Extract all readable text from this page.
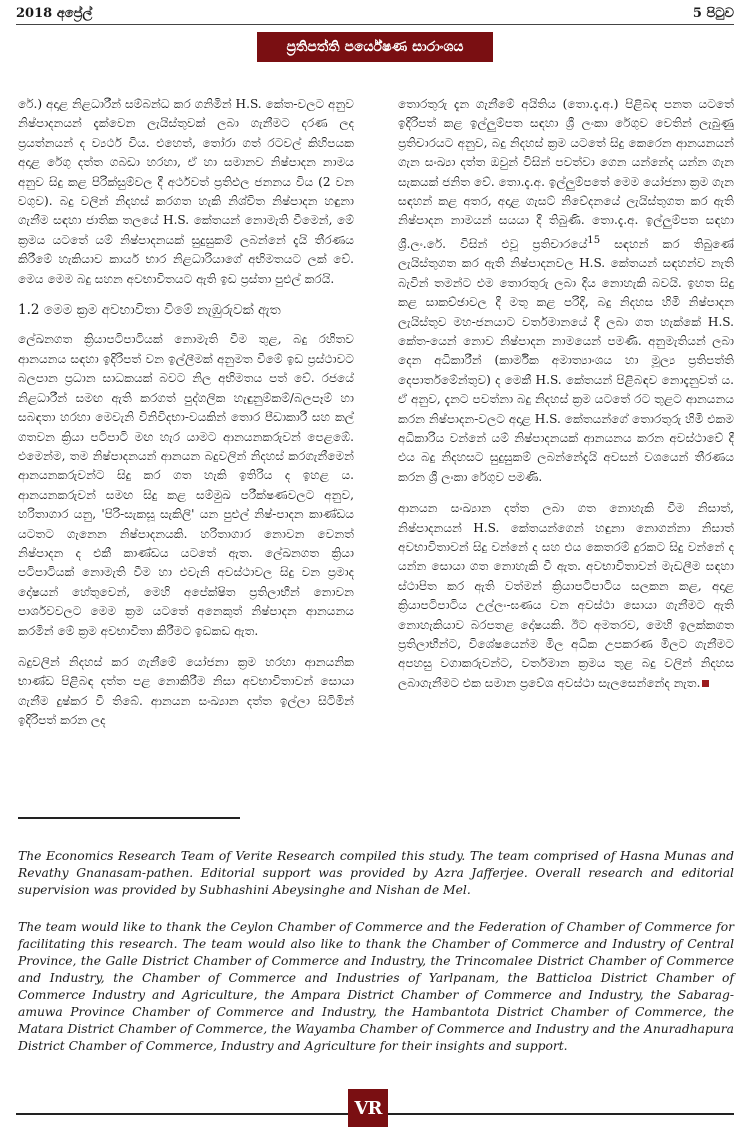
2018 අප්‍රේල්	5 පිටුව
ප්‍රතිපත්ති පර්යේෂණ සාරාංශය

රේ.) අදාළ නිළධාරීන් සම්බන්ධ කර ගනිමින් H.S. කේත-වලට අනුව නිෂ්පාදනයන් දැක්වෙන ලැයිස්තුවක් ලබා ගැනීමට දරණ ලද ප්‍රයත්නයන් ද ව්‍යර්ථ විය. එහෙත්, තෝරා ගත් රටවල් කිහිපයක අදාළ රේගු දත්ත ගබඩා හරහා, ඒ හා සමානව නිෂ්පාදන නාමය අනුව සිදු කළ පිරික්සුම්වල දී අර්ථවත් ප්‍රතිඵල ජනනය විය (2 වන වගුව). බදු වලින් නිදහස් කරගත හැකි නිශ්චිත නිෂ්පාදන හඳුනා ගැනීම සඳහා ජාතික තලයේ H.S. කේතයන් නොමැති වීමෙන්, මේ ක්‍රමය යටතේ යම් නිෂ්පාදනයක් සුදුසුකම් ලබන්නේ දැයි තීරණය කිරීමේ හැකියාව කාර්ය භාර නිළධාරියාගේ අභිමතයට ලක් වේ. මෙය මෙම බදු සහන අවභාවිතයට ඇති ඉඩ ප්‍රස්තා පුළුල් කරයි.

1.2 මෙම ක්‍රම අවභාවිතා වීමේ නැඹුරුවක් ඇත

ලේඛනගත ක්‍රියාපටිපාටියක් නොමැති වීම තුළ, බදු රහිතව ආනයනය සඳහා ඉදිරිපත් වන ඉල්ලීමක් අනුමත වීමේ ඉඩ ප්‍රස්ථාවට බලපාන ප්‍රධාන සාධකයක් බවට නිල අභිමතය පත් වේ. රජයේ නිළධාරීන් සමඟ ඇති කරගත් පුද්ගලික හැඳුනුම්කම්/බලපෑම් හා සබඳතා හරහා මෙවැනි විනිවිදභා-වයකින් තොර පීඩාකාරී සහ කල් ගතවන ක්‍රියා පටිපාටි මඟ හැර යාමට ආනයනකරුවන් පෙළඹේ. එමෙන්ම, තම නිෂ්පාදනයන් ආනයන බදුවලින් නිදහස් කරගැනීමෙන් ආනයනකරුවන්ට සිදු කර ගත හැකි ඉතිරිය ද ඉහළ ය. ආනයනකරුවන් සමඟ සිදු කළ සම්මුඛ පරීක්ෂණවලට අනුව, හරිතාගාර යනු, 'පිරි-සැකසූ සැකිලි' යන පුළුල් නිෂ්-පාදන කාණ්ඩය යටතට ගැනෙන නිෂ්පාදනයකි. හරිතාගාර නොවන වෙනත් නිෂ්පාදන ද එකී කාණ්ඩය යටතේ ඇත. ලේඛනගත ක්‍රියා පටිපාටියක් නොමැති වීම හා එවැනි අවස්ථාවල සිදු වන ප්‍රමාද දෝෂයන් හේතුවෙන්, මෙහි අපේක්ෂිත ප්‍රතිලාභීන් නොවන පාර්ශවවලට මෙම ක්‍රම යටතේ අනෙකුත් නිෂ්පාදන ආනයනය කරමින් මේ ක්‍රම අවභාවිතා කිරීමට ඉඩකඩ ඇත.

බදුවලින් නිදහස් කර ගැනීමේ යෝජනා ක්‍රම හරහා ආනයනික භාණ්ඩ පිළිබඳ දත්ත පළ නොකිරීම නිසා අවභාවිතාවන් සොයා ගැනීම දුෂ්කර වී තිබේ. ආනයන සංඛ්‍යාන දත්ත ඉල්ලා සිටිමින් ඉදිරිපත් කරන ලද

තොරතුරු දැන ගැනීමේ අයිතිය (තො.දැ.අ.) පිළිබඳ පනත යටතේ ඉදිරිපත් කළ ඉල්ලුම්පත සඳහා ශ්‍රී ලංකා රේගුව වෙතින් ලැබුණු ප්‍රතිචාරයට අනුව, බදු නිදහස් ක්‍රම යටතේ සිදු කෙරෙන ආනයනයන් ගැන සංඛ්‍යා දත්ත ඔවුන් විසින් පවත්වා ගෙන යන්නේද යන්න ගැන සැකයක් ජනිත වේ. තො.දැ.අ. ඉල්ලුම්පතේ මෙම යෝජනා ක්‍රම ගැන සඳහන් කළ අතර, අදාළ ගැසට් නිවේදනයේ ලැයිස්තුගත කර ඇති නිෂ්පාදන නාමයන් සයයා දී තිබුණි. තො.දැ.අ. ඉල්ලුම්පත සඳහා ශ්‍රී.ලං.රේ. විසින් එවූ ප්‍රතිචාරයේ$^{15}$ සඳහන් කර තිබුණේ ලැයිස්තුගත කර ඇති නිෂ්පාදනවල H.S. කේතයන් සඳහන්ව නැති බැවින් තමන්ට එම තොරතුරු ලබා දිය නොහැකි බවයි. ඉහත සිදු කළ සාකච්ඡාවල දී මතු කළ පරිදි, බදු නිදහස හිමි නිෂ්පාදන ලැයිස්තුව මහ-ජනයාට වර්තමානයේ දී ලබා ගත හැක්කේ H.S. කේත-යෙන් නොව නිෂ්පාදන නාමයෙන් පමණි. අනුමැතියන් ලබා දෙන අධිකාරීන් (කාර්මික අමාත්‍යාංශය හා මූල්‍ය ප්‍රතිපත්ති දෙපාර්තමේන්තුව) ද මෙකී H.S. කේතයන් පිළිබඳව නොදැනුවත් ය. ඒ අනුව, දැනට පවත්නා බදු නිදහස් ක්‍රම යටතේ රට තුළට ආනයනය කරන නිෂ්පාදන-වලට අදාළ H.S. කේතයන්ගේ තොරතුරු හිමි එකම අධිකාරිය වන්නේ යම් නිෂ්පාදනයක් ආනයනය කරන අවස්ථාවේ දී එය බදු නිදහසට සුදුසුකම් ලබන්නේදැයි අවසන් වශයෙන් තීරණය කරන ශ්‍රී ලංකා රේගුව පමණි.

ආනයන සංඛ්‍යාන දත්ත ලබා ගත නොහැකි වීම නිසාත්, නිෂ්පාදනයන් H.S. කේතයන්ගෙන් හඳුනා නොගන්නා නිසාත් අවභාවිතාවන් සිදු වන්නේ ද සහ එය කෙතරම් දුරකට සිදු වන්නේ ද යන්න සොයා ගත නොහැකි වී ඇත. අවභාවිතාවන් මැඩලීම සඳහා ස්ථාපිත කර ඇති වත්මන් ක්‍රියාපටිපාටිය සලකන කළ, අදාළ ක්‍රියාපටිපාටිය උල්ලං-ඝණය වන අවස්ථා සොයා ගැනීමට ඇති නොහැකියාව බරපතළ දෝෂයකි. ඊට අමතරව, මෙහි ඉලක්කගත ප්‍රතිලාභීන්ට, විශේෂයෙන්ම මිල අධික උපකරණ මිලට ගැනීමට අපහසු වගාකරුවන්ට, වර්තමාන ක්‍රමය තුළ බදු වලින් නිදහස ලබාගැනීමට එක සමාන ප්‍රවේශ අවස්ථා සැලසෙන්නේද නැත.

The Economics Research Team of Verite Research compiled this study. The team comprised of Hasna Munas and Revathy Gnanasam-pathen. Editorial support was provided by Azra Jafferjee. Overall research and editorial supervision was provided by Subhashini Abeysinghe and Nishan de Mel.
The team would like to thank the Ceylon Chamber of Commerce and the Federation of Chamber of Commerce for facilitating this research. The team would also like to thank the Chamber of Commerce and Industry of Central Province, the Galle District Chamber of Commerce and Industry, the Trincomalee District Chamber of Commerce and Industry, the Chamber of Commerce and Industries of Yarlpanam, the Batticloa District Chamber of Commerce Industry and Agriculture, the Ampara District Chamber of Commerce and Industry, the Sabarag-amuwa Province Chamber of Commerce and Industry, the Hambantota District Chamber of Commerce, the Matara District Chamber of Commerce, the Wayamba Chamber of Commerce and Industry and the Anuradhapura District Chamber of Commerce, Industry and Agriculture for their insights and support.
VR
